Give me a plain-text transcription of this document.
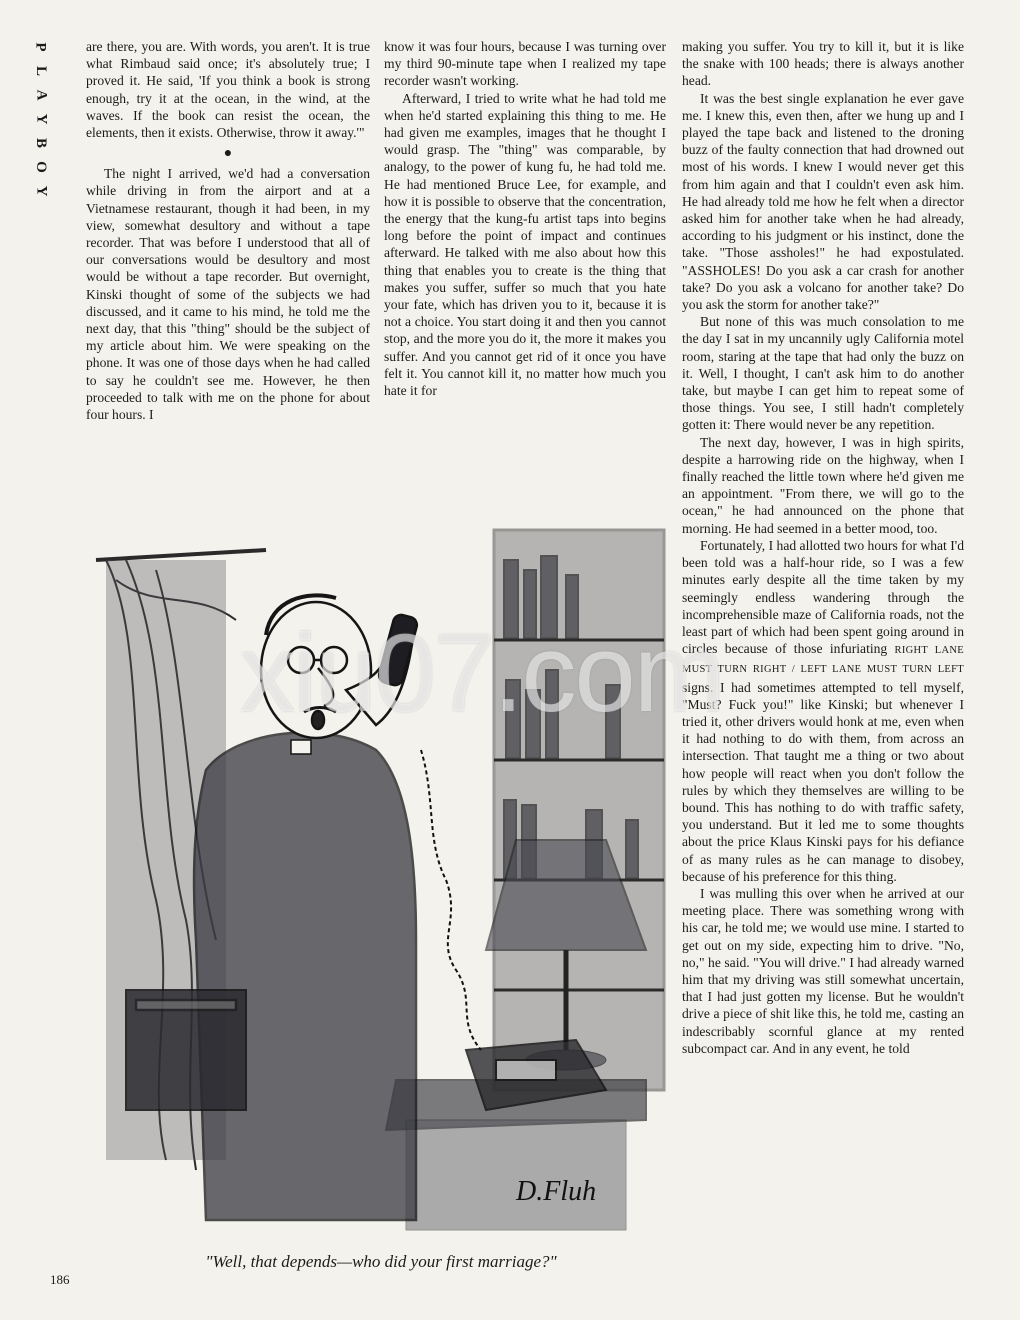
P
L
A
Y
B
O
Y

are there, you are. With words, you aren't. It is true what Rimbaud said once; it's absolutely true; I proved it. He said, 'If you think a book is strong enough, try it at the ocean, in the wind, at the waves. If the book can resist the ocean, the elements, then it exists. Otherwise, throw it away.'"

●

The night I arrived, we'd had a conversation while driving in from the airport and at a Vietnamese restaurant, though it had been, in my view, somewhat desultory and without a tape recorder. That was before I understood that all of our conversations would be desultory and most would be without a tape recorder. But overnight, Kinski thought of some of the subjects we had discussed, and it came to his mind, he told me the next day, that this "thing" should be the subject of my article about him. We were speaking on the phone. It was one of those days when he had called to say he couldn't see me. However, he then proceeded to talk with me on the phone for about four hours. I

know it was four hours, because I was turning over my third 90-minute tape when I realized my tape recorder wasn't working.

Afterward, I tried to write what he had told me when he'd started explaining this thing to me. He had given me examples, images that he thought I would grasp. The "thing" was comparable, by analogy, to the power of kung fu, he had told me. He had mentioned Bruce Lee, for example, and how it is possible to observe that the concentration, the energy that the kung-fu artist taps into begins long before the point of impact and continues afterward. He talked with me also about how this thing that enables you to create is the thing that makes you suffer, suffer so much that you hate your fate, which has driven you to it, because it is not a choice. You start doing it and then you cannot stop, and the more you do it, the more it makes you suffer. And you cannot get rid of it once you have felt it. You cannot kill it, no matter how much you hate it for

making you suffer. You try to kill it, but it is like the snake with 100 heads; there is always another head.

It was the best single explanation he ever gave me. I knew this, even then, after we hung up and I played the tape back and listened to the droning buzz of the faulty connection that had drowned out most of his words. I knew I would never get this from him again and that I couldn't even ask him. He had already told me how he felt when a director asked him for another take when he had already, according to his judgment or his instinct, done the take. "Those assholes!" he had expostulated. "ASSHOLES! Do you ask a car crash for another take? Do you ask a volcano for another take? Do you ask the storm for another take?"

But none of this was much consolation to me the day I sat in my uncannily ugly California motel room, staring at the tape that had only the buzz on it. Well, I thought, I can't ask him to do another take, but maybe I can get him to repeat some of those things. You see, I still hadn't completely gotten it: There would never be any repetition.

The next day, however, I was in high spirits, despite a harrowing ride on the highway, when I finally reached the little town where he'd given me an appointment. "From there, we will go to the ocean," he had announced on the phone that morning. He had seemed in a better mood, too.

Fortunately, I had allotted two hours for what I'd been told was a half-hour ride, so I was a few minutes early despite all the time taken by my seemingly endless wandering through the incomprehensible maze of California roads, not the least part of which had been spent going around in circles because of those infuriating RIGHT LANE MUST TURN RIGHT / LEFT LANE MUST TURN LEFT signs. I had sometimes attempted to tell myself, "Must? Fuck you!" like Kinski; but whenever I tried it, other drivers would honk at me, even when it had nothing to do with them, from across an intersection. That taught me a thing or two about how people will react when you don't follow the rules by which they themselves are willing to be bound. This has nothing to do with traffic safety, you understand. But it led me to some thoughts about the price Klaus Kinski pays for his defiance of as many rules as he can manage to disobey, because of his preference for this thing.

I was mulling this over when he arrived at our meeting place. There was something wrong with his car, he told me; we would use mine. I started to get out on my side, expecting him to drive. "No, no," he said. "You will drive." I had already warned him that my driving was still somewhat uncertain, that I had just gotten my license. But he wouldn't drive a piece of shit like this, he told me, casting an indescribably scornful glance at my rented subcompact car. And in any event, he told

D.Fluh
"Well, that depends—who did your first marriage?"
186
xiu07.com
